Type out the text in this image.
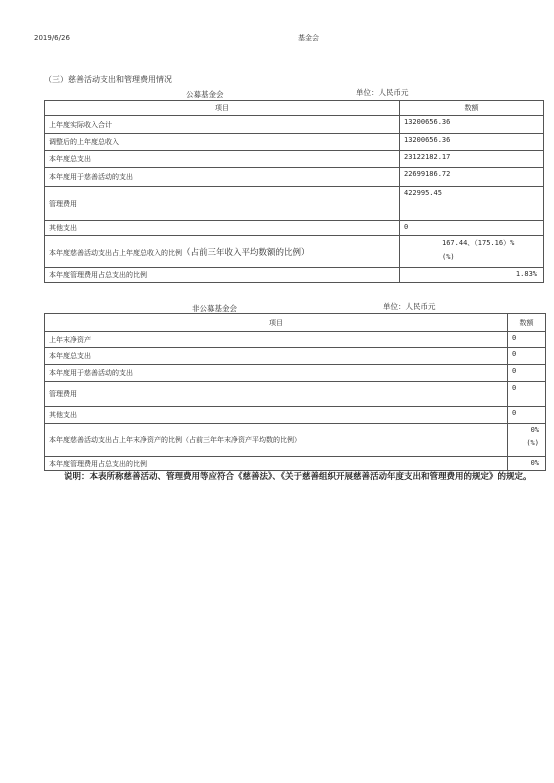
2019/6/26	基金会
（三）慈善活动支出和管理费用情况
公募基金会	单位：人民币元
项目	数额
上年度实际收入合计	13200656.36
调整后的上年度总收入	13200656.36
本年度总支出	23122182.17
本年度用于慈善活动的支出	22699186.72
管理费用	422995.45
其他支出	0
本年度慈善活动支出占上年度总收入的比例（占前三年收入平均数额的比例）	167.44、（175.16）%
(%)

本年度管理费用占总支出的比例	1.83%
非公募基金会	单位：人民币元
项目	数额
上年末净资产	0
本年度总支出	0
本年度用于慈善活动的支出	0
管理费用	0
其他支出	0
本年度慈善活动支出占上年末净资产的比例（占前三年年末净资产平均数的比例）	0%
(%)

本年度管理费用占总支出的比例	0%
说明：本表所称慈善活动、管理费用等应符合《慈善法》、《关于慈善组织开展慈善活动年度支出和管理费用的规定》的规定。
